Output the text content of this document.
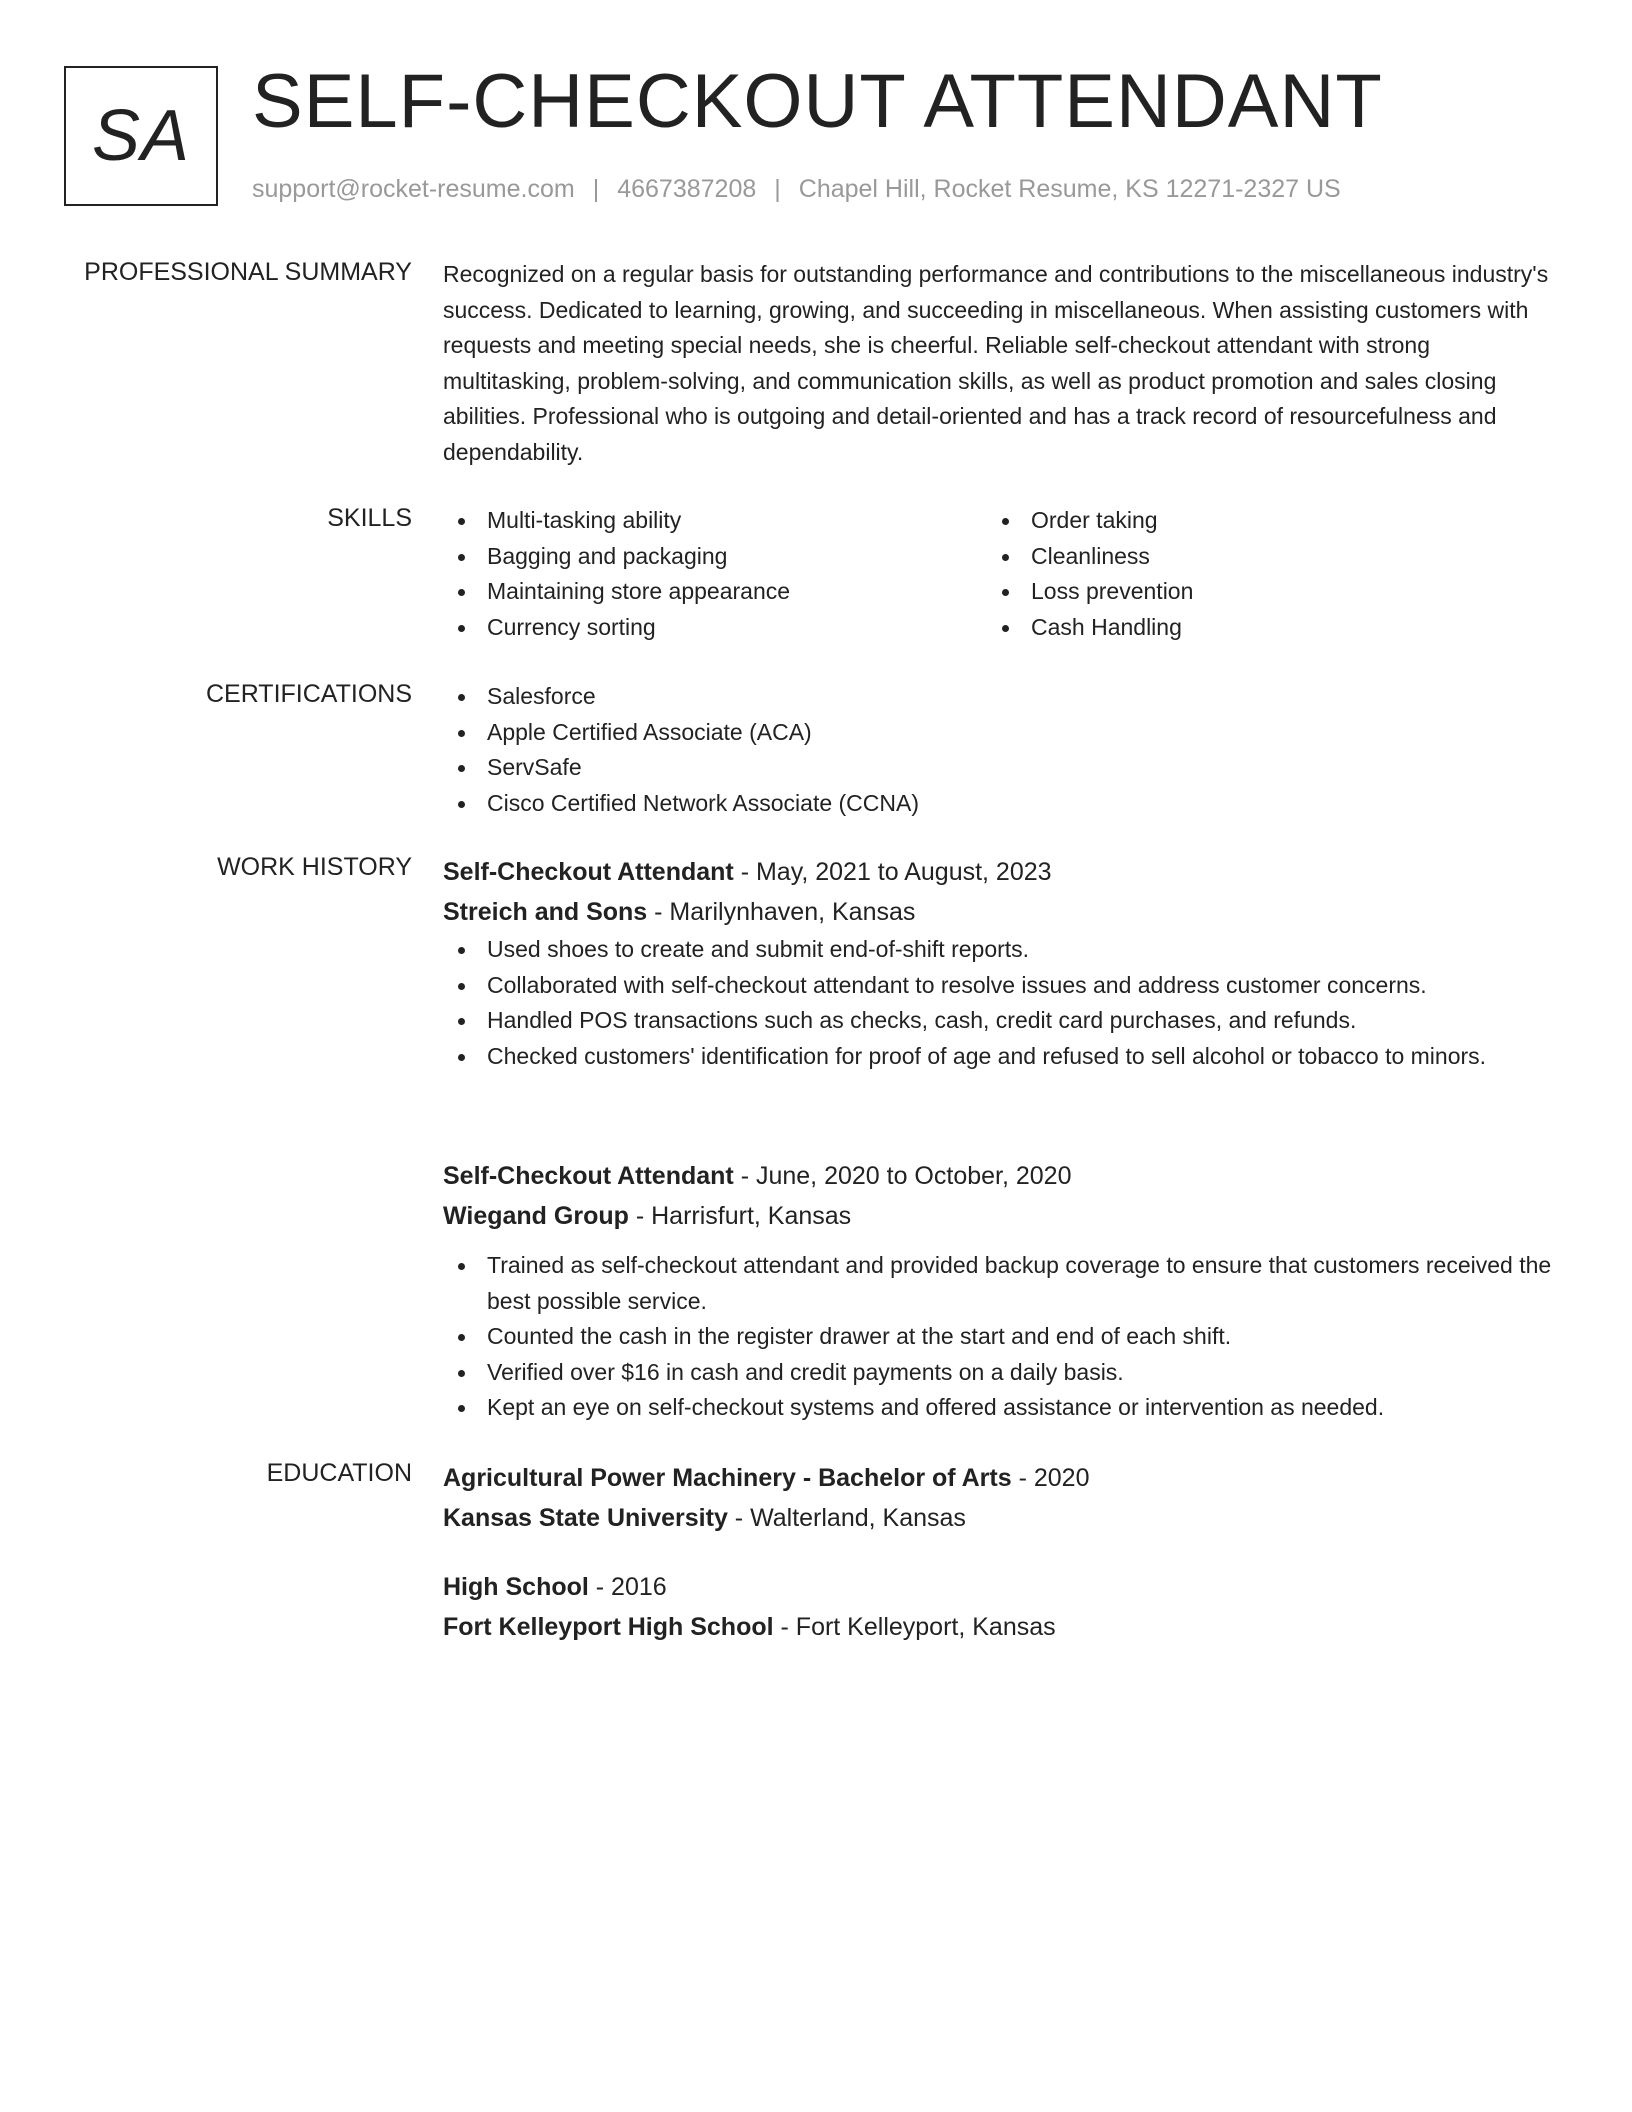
SA SELF-CHECKOUT ATTENDANT
support@rocket-resume.com | 4667387208 | Chapel Hill, Rocket Resume, KS 12271-2327 US
PROFESSIONAL SUMMARY Recognized on a regular basis for outstanding performance and contributions to the miscellaneous industry's success. Dedicated to learning, growing, and succeeding in miscellaneous. When assisting customers with requests and meeting special needs, she is cheerful. Reliable self-checkout attendant with strong multitasking, problem-solving, and communication skills, as well as product promotion and sales closing abilities. Professional who is outgoing and detail-oriented and has a track record of resourcefulness and dependability.

SKILLS	Multi-tasking ability
Bagging and packaging
Maintaining store appearance
Currency sorting
Order taking
Cleanliness
Loss prevention
Cash Handling
CERTIFICATIONS	Salesforce
Apple Certified Associate (ACA)
ServSafe
Cisco Certified Network Associate (CCNA)
WORK HISTORY Self-Checkout Attendant - May, 2021 to August, 2023
Streich and Sons - Marilynhaven, Kansas
Used shoes to create and submit end-of-shift reports.
Collaborated with self-checkout attendant to resolve issues and address customer concerns.
Handled POS transactions such as checks, cash, credit card purchases, and refunds.
Checked customers' identification for proof of age and refused to sell alcohol or tobacco to minors.
Self-Checkout Attendant - June, 2020 to October, 2020
Wiegand Group - Harrisfurt, Kansas
Trained as self-checkout attendant and provided backup coverage to ensure that customers received the best possible service.
Counted the cash in the register drawer at the start and end of each shift.
Verified over $16 in cash and credit payments on a daily basis.
Kept an eye on self-checkout systems and offered assistance or intervention as needed.
EDUCATION Agricultural Power Machinery - Bachelor of Arts - 2020
Kansas State University - Walterland, Kansas
High School - 2016
Fort Kelleyport High School - Fort Kelleyport, Kansas
